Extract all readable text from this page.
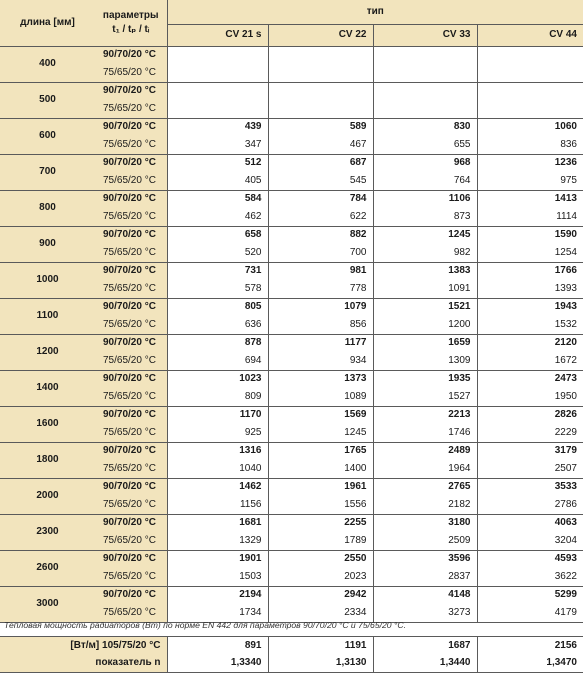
длина [мм]	параметры
t₁ / tₚ / tᵢ	тип			
		CV 21 s	CV 22	CV 33	CV 44
400	90/70/20 °C				
	75/65/20 °C				
500	90/70/20 °C				
	75/65/20 °C				
600	90/70/20 °C	439	589	830	1060
	75/65/20 °C	347	467	655	836
700	90/70/20 °C	512	687	968	1236
	75/65/20 °C	405	545	764	975
800	90/70/20 °C	584	784	1106	1413
	75/65/20 °C	462	622	873	1114
900	90/70/20 °C	658	882	1245	1590
	75/65/20 °C	520	700	982	1254
1000	90/70/20 °C	731	981	1383	1766
	75/65/20 °C	578	778	1091	1393
1100	90/70/20 °C	805	1079	1521	1943
	75/65/20 °C	636	856	1200	1532
1200	90/70/20 °C	878	1177	1659	2120
	75/65/20 °C	694	934	1309	1672
1400	90/70/20 °C	1023	1373	1935	2473
	75/65/20 °C	809	1089	1527	1950
1600	90/70/20 °C	1170	1569	2213	2826
	75/65/20 °C	925	1245	1746	2229
1800	90/70/20 °C	1316	1765	2489	3179
	75/65/20 °C	1040	1400	1964	2507
2000	90/70/20 °C	1462	1961	2765	3533
	75/65/20 °C	1156	1556	2182	2786
2300	90/70/20 °C	1681	2255	3180	4063
	75/65/20 °C	1329	1789	2509	3204
2600	90/70/20 °C	1901	2550	3596	4593
	75/65/20 °C	1503	2023	2837	3622
3000	90/70/20 °C	2194	2942	4148	5299
	75/65/20 °C	1734	2334	3273	4179
Тепловая мощность радиаторов (Вт) по норме EN 442 для параметров 90/70/20 °C и 75/65/20 °C.
[Вт/м] 105/75/20 °C	891	1191	1687	2156
показатель n	1,3340	1,3130	1,3440	1,3470
